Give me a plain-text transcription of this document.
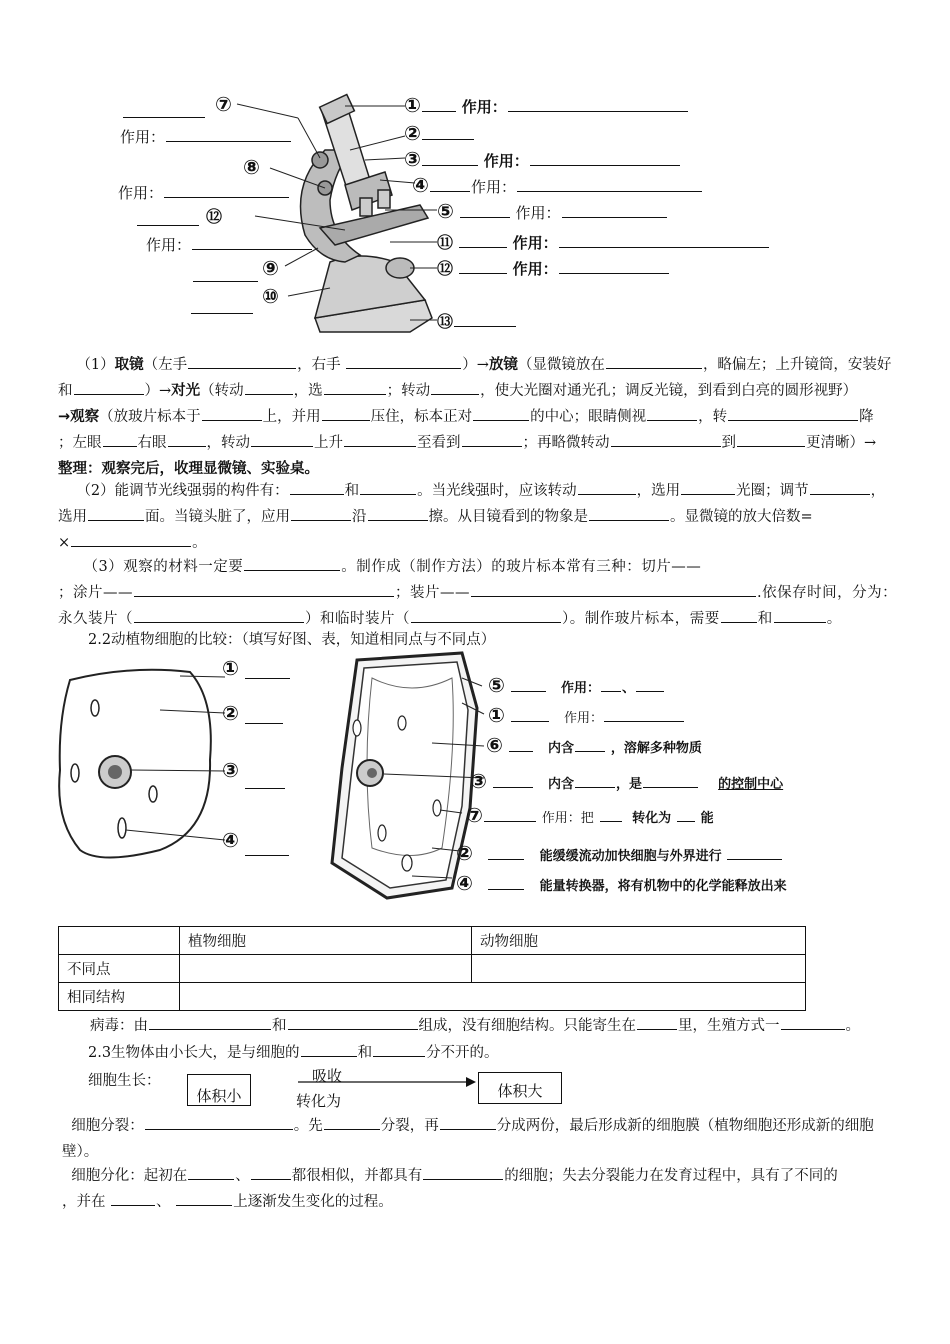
⑦
作用：
⑧
作用：
⑫
作用：
⑨
⑩
①	作用：
②
③	作用：
④	作用：
⑤	作用：
⑪	作用：
⑫	作用：
⑬
（1）取镜（左手	，右手	）→放镜（显微镜放在	，略偏左；上升镜筒，安装好
和	）→对光（转动	，选	；转动	，使大光圈对通光孔；调反光镜，到看到白亮的圆形视野）
→观察（放玻片标本于	上，并用	压住，标本正对	的中心；眼睛侧视	，转	降
；左眼 右眼	，转动	上升	至看到	；再略微转动	到	更清晰）→
整理：观察完后，收理显微镜、实验桌。
（2）能调节光线强弱的构件有：	和	。当光线强时，应该转动	，选用	光圈；调节	，
选用	面。当镜头脏了，应用	沿	擦。从目镜看到的物象是	。显微镜的放大倍数=
×	。
（3）观察的材料一定要	。制作成（制作方法）的玻片标本常有三种：切片——
；涂片——	；装片——	.依保存时间，分为：
永久装片（	）和临时装片（	）。制作玻片标本，需要	和	。
2.2动植物细胞的比较：（填写好图、表，知道相同点与不同点）
①
②
③
④
⑤	作用： 、
①	作用：
⑥	内含	，溶解多种物质
③	内含	，是	的控制中心
⑦	作用：把	转化为 能
②	能缓缓流动加快细胞与外界进行
④	能量转换器，将有机物中的化学能释放出来
	植物细胞	动物细胞
不同点		
相同结构		
病毒：由	和	组成，没有细胞结构。只能寄生在	里，生殖方式一	。
2.3生物体由小长大，是与细胞的	和	分不开的。
细胞生长：
体积小
吸收
转化为
体积大
细胞分裂：	。先	分裂，再	分成两份，最后形成新的细胞膜（植物细胞还形成新的细胞
壁）。
细胞分化：起初在	、	都很相似，并都具有	的细胞；失去分裂能力在发育过程中，具有了不同的
，并在	、	上逐渐发生变化的过程。
